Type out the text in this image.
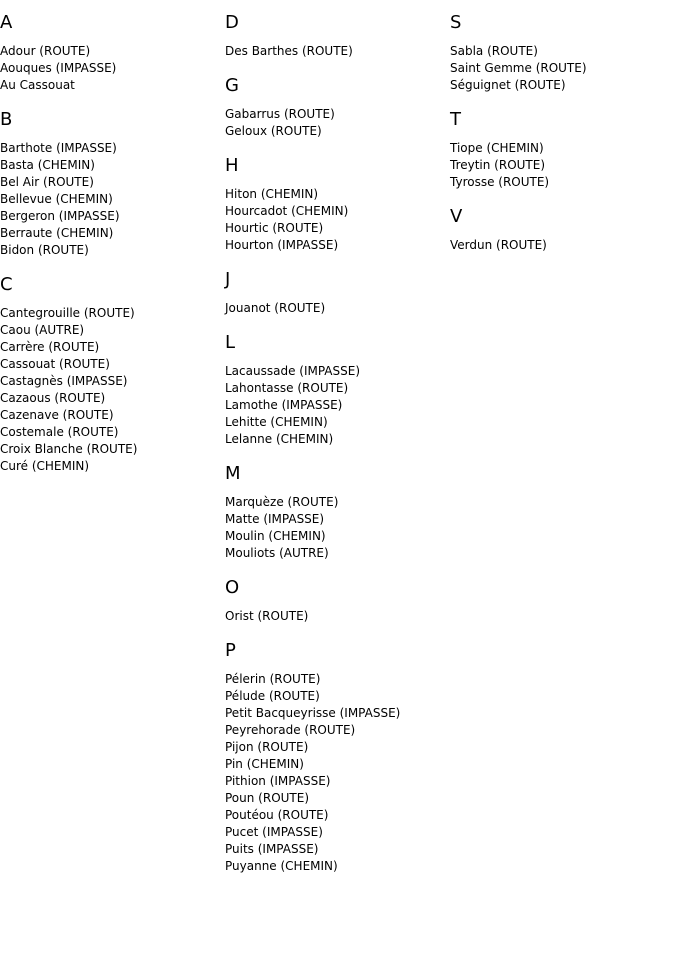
A
Adour (ROUTE)
Aouques (IMPASSE)
Au Cassouat
B
Barthote (IMPASSE)
Basta (CHEMIN)
Bel Air (ROUTE)
Bellevue (CHEMIN)
Bergeron (IMPASSE)
Berraute (CHEMIN)
Bidon (ROUTE)
C
Cantegrouille (ROUTE)
Caou (AUTRE)
Carrère (ROUTE)
Cassouat (ROUTE)
Castagnès (IMPASSE)
Cazaous (ROUTE)
Cazenave (ROUTE)
Costemale (ROUTE)
Croix Blanche (ROUTE)
Curé (CHEMIN)
D
Des Barthes (ROUTE)
G
Gabarrus (ROUTE)
Geloux (ROUTE)
H
Hiton (CHEMIN)
Hourcadot (CHEMIN)
Hourtic (ROUTE)
Hourton (IMPASSE)
J
Jouanot (ROUTE)
L
Lacaussade (IMPASSE)
Lahontasse (ROUTE)
Lamothe (IMPASSE)
Lehitte (CHEMIN)
Lelanne (CHEMIN)
M
Marquèze (ROUTE)
Matte (IMPASSE)
Moulin (CHEMIN)
Mouliots (AUTRE)
O
Orist (ROUTE)
P
Pélerin (ROUTE)
Pélude (ROUTE)
Petit Bacqueyrisse (IMPASSE)
Peyrehorade (ROUTE)
Pijon (ROUTE)
Pin (CHEMIN)
Pithion (IMPASSE)
Poun (ROUTE)
Poutéou (ROUTE)
Pucet (IMPASSE)
Puits (IMPASSE)
Puyanne (CHEMIN)
S
Sabla (ROUTE)
Saint Gemme (ROUTE)
Séguignet (ROUTE)
T
Tiope (CHEMIN)
Treytin (ROUTE)
Tyrosse (ROUTE)
V
Verdun (ROUTE)
